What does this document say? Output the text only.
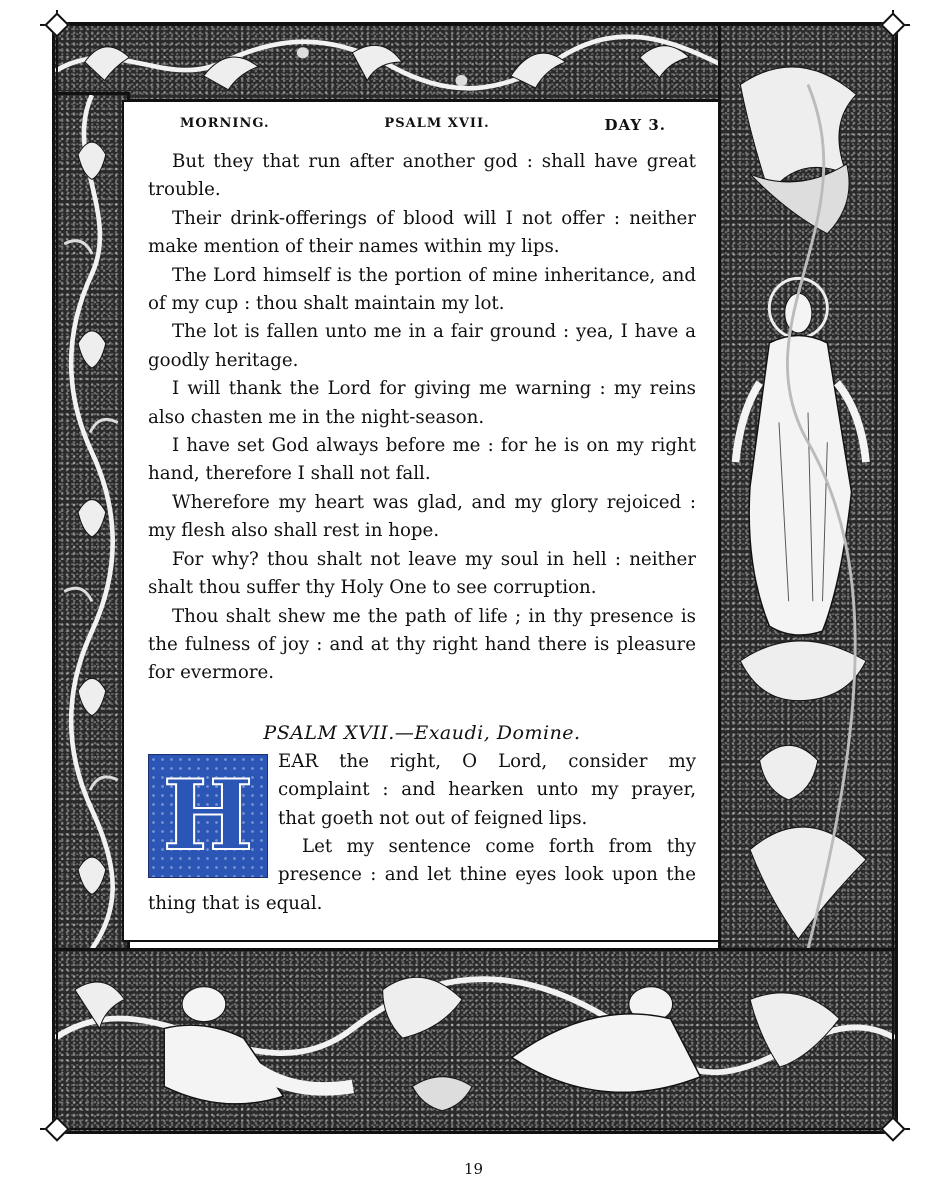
MORNING.	PSALM XVII.	DAY 3.

But they that run after another god : shall have great trouble.

Their drink-offerings of blood will I not offer : neither make mention of their names within my lips.

The Lord himself is the portion of mine inheritance, and of my cup : thou shalt maintain my lot.

The lot is fallen unto me in a fair ground : yea, I have a goodly heritage.

I will thank the Lord for giving me warning : my reins also chasten me in the night-season.

I have set God always before me : for he is on my right hand, therefore I shall not fall.

Wherefore my heart was glad, and my glory rejoiced : my flesh also shall rest in hope.

For why? thou shalt not leave my soul in hell : neither shalt thou suffer thy Holy One to see corruption.

Thou shalt shew me the path of life ; in thy presence is the fulness of joy : and at thy right hand there is pleasure for evermore.

PSALM XVII.—Exaudi, Domine.
H	EAR the right, O Lord, consider my complaint : and hearken unto my prayer, that goeth not out of feigned lips.

Let my sentence come forth from thy presence : and let thine eyes look upon the thing that is equal.

19
